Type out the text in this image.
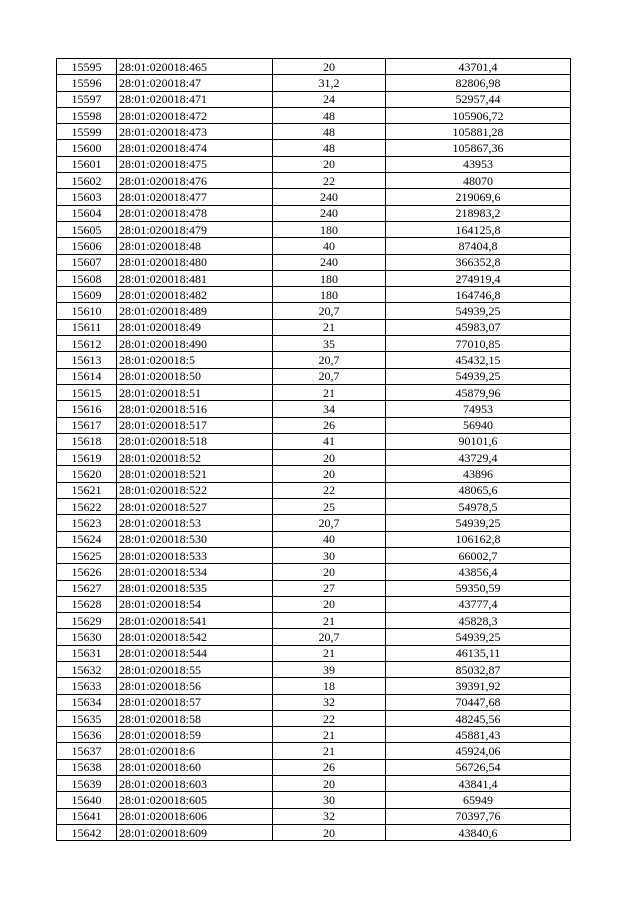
15595	28:01:020018:465	20	43701,4
15596	28:01:020018:47	31,2	82806,98
15597	28:01:020018:471	24	52957,44
15598	28:01:020018:472	48	105906,72
15599	28:01:020018:473	48	105881,28
15600	28:01:020018:474	48	105867,36
15601	28:01:020018:475	20	43953
15602	28:01:020018:476	22	48070
15603	28:01:020018:477	240	219069,6
15604	28:01:020018:478	240	218983,2
15605	28:01:020018:479	180	164125,8
15606	28:01:020018:48	40	87404,8
15607	28:01:020018:480	240	366352,8
15608	28:01:020018:481	180	274919,4
15609	28:01:020018:482	180	164746,8
15610	28:01:020018:489	20,7	54939,25
15611	28:01:020018:49	21	45983,07
15612	28:01:020018:490	35	77010,85
15613	28:01:020018:5	20,7	45432,15
15614	28:01:020018:50	20,7	54939,25
15615	28:01:020018:51	21	45879,96
15616	28:01:020018:516	34	74953
15617	28:01:020018:517	26	56940
15618	28:01:020018:518	41	90101,6
15619	28:01:020018:52	20	43729,4
15620	28:01:020018:521	20	43896
15621	28:01:020018:522	22	48065,6
15622	28:01:020018:527	25	54978,5
15623	28:01:020018:53	20,7	54939,25
15624	28:01:020018:530	40	106162,8
15625	28:01:020018:533	30	66002,7
15626	28:01:020018:534	20	43856,4
15627	28:01:020018:535	27	59350,59
15628	28:01:020018:54	20	43777,4
15629	28:01:020018:541	21	45828,3
15630	28:01:020018:542	20,7	54939,25
15631	28:01:020018:544	21	46135,11
15632	28:01:020018:55	39	85032,87
15633	28:01:020018:56	18	39391,92
15634	28:01:020018:57	32	70447,68
15635	28:01:020018:58	22	48245,56
15636	28:01:020018:59	21	45881,43
15637	28:01:020018:6	21	45924,06
15638	28:01:020018:60	26	56726,54
15639	28:01:020018:603	20	43841,4
15640	28:01:020018:605	30	65949
15641	28:01:020018:606	32	70397,76
15642	28:01:020018:609	20	43840,6
